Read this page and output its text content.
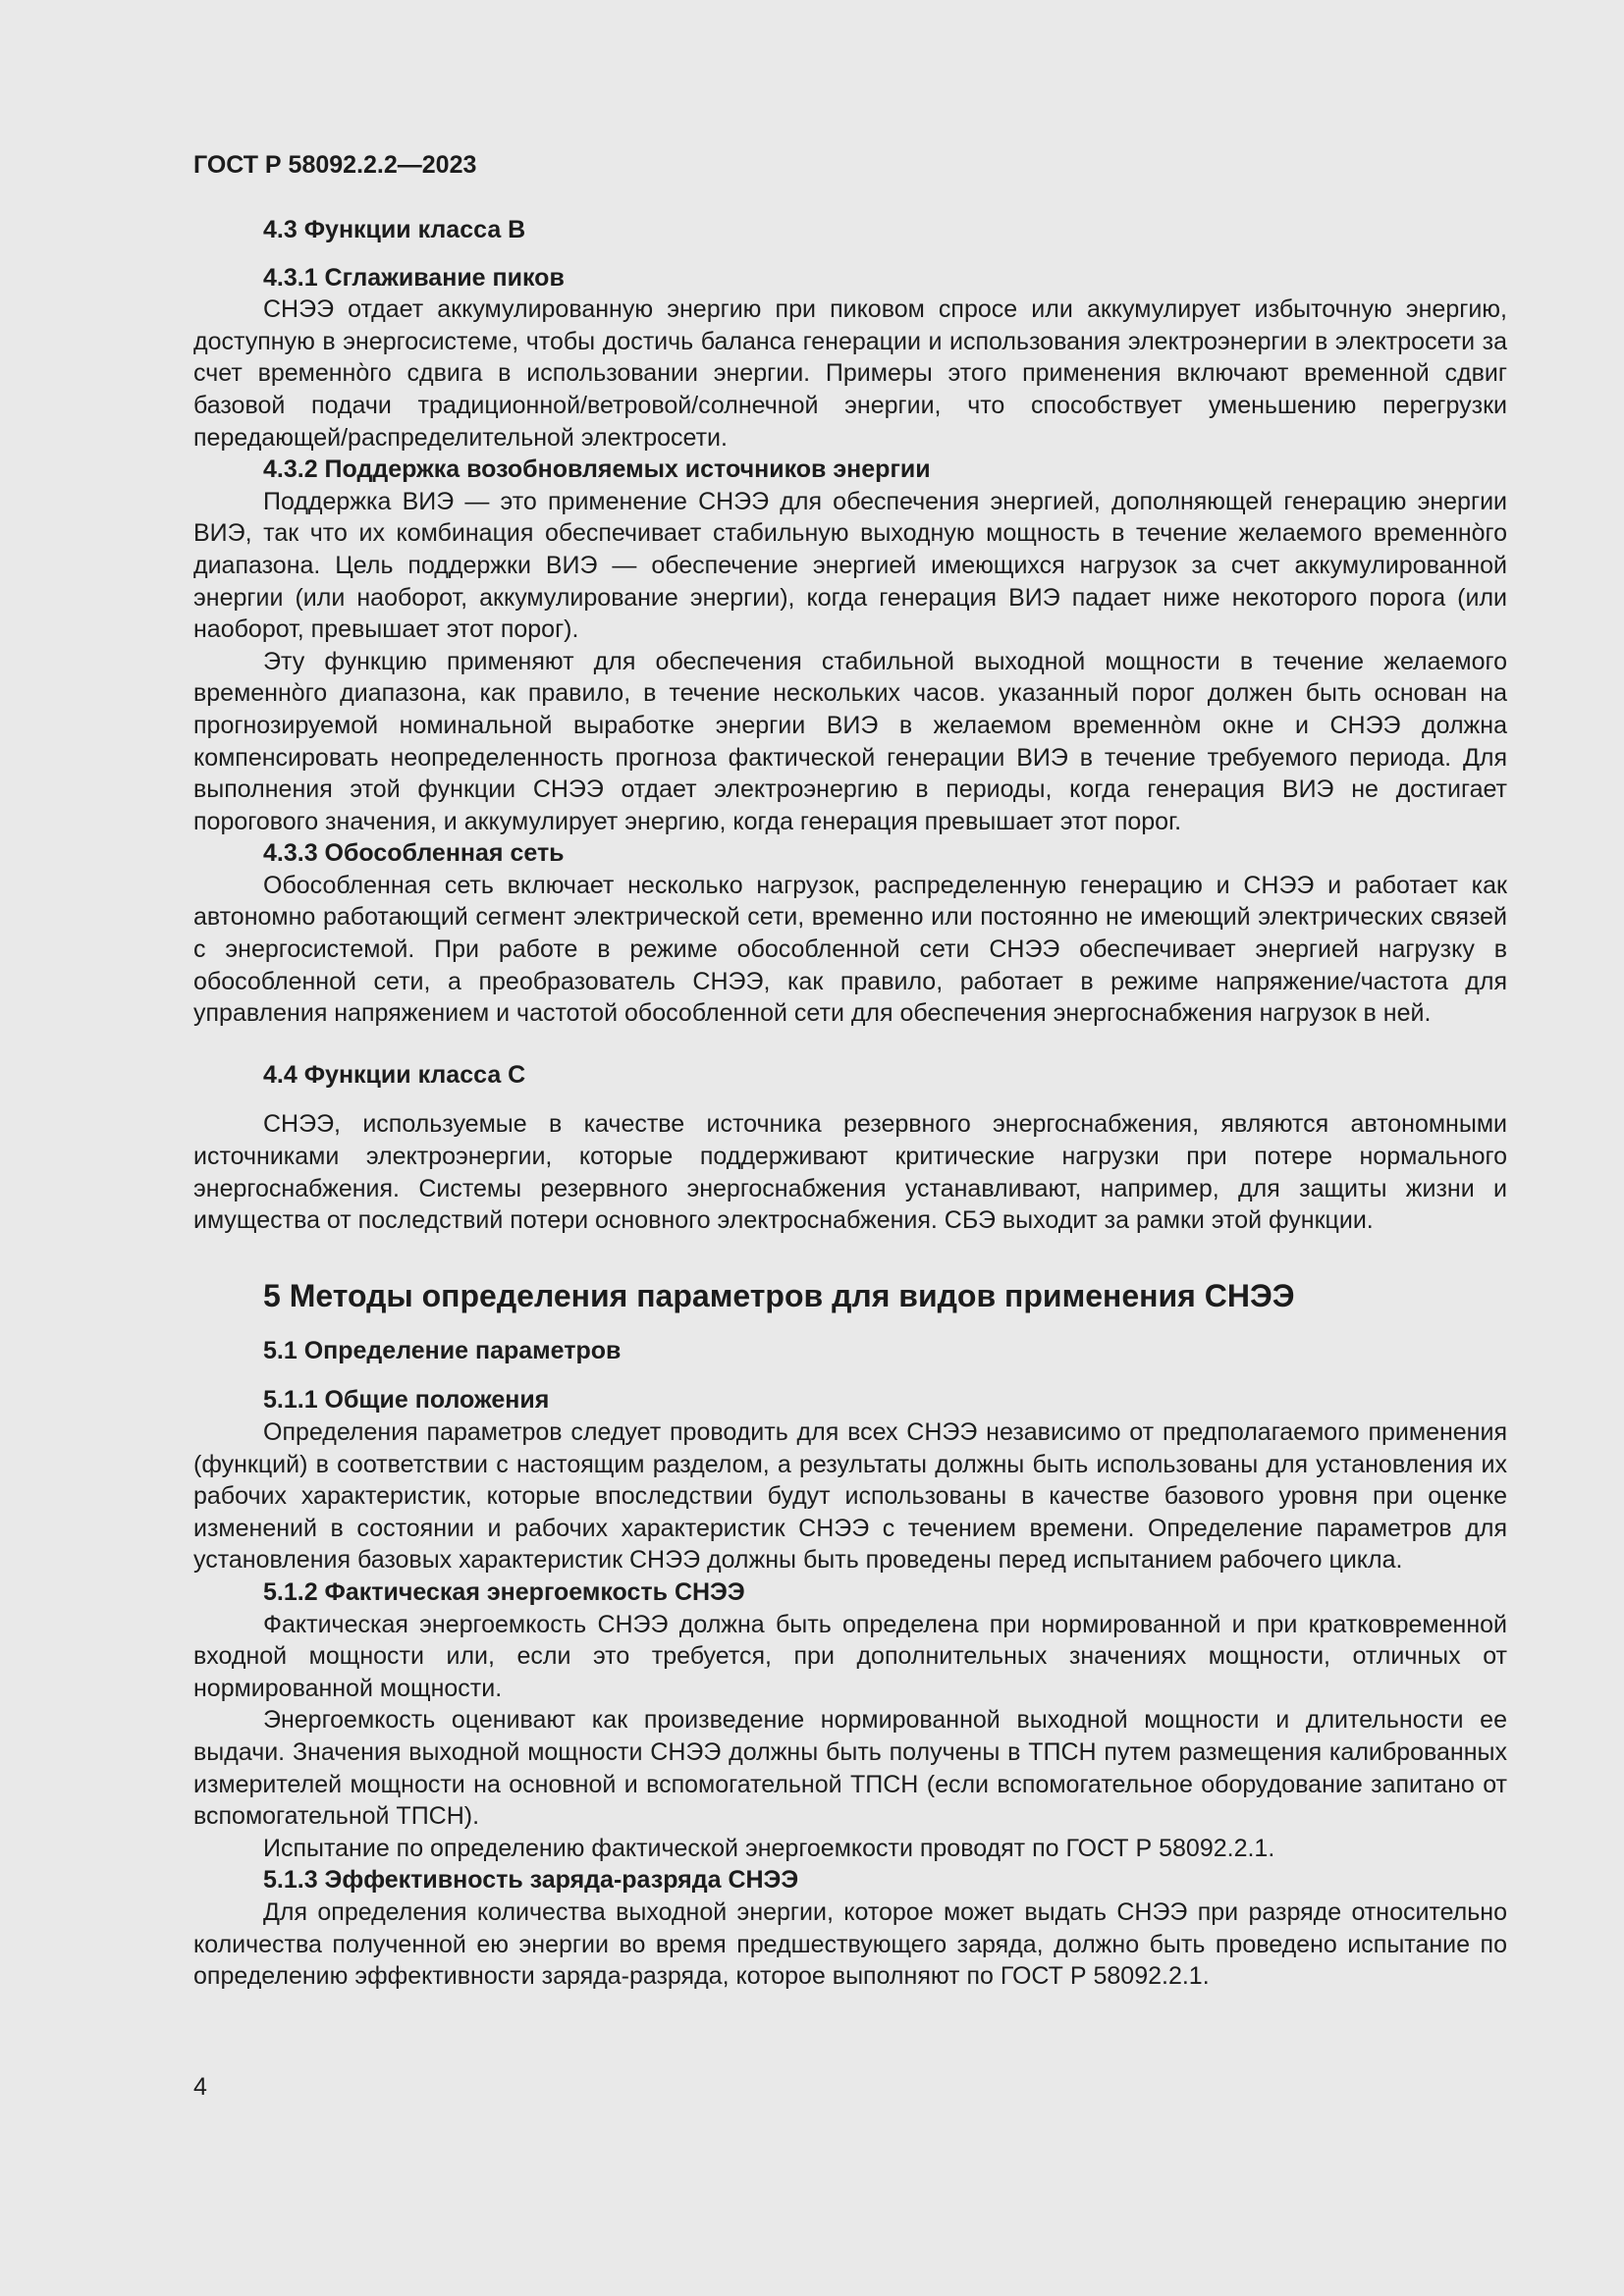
ГОСТ Р 58092.2.2—2023
4.3 Функции класса B
4.3.1 Сглаживание пиков

СНЭЭ отдает аккумулированную энергию при пиковом спросе или аккумулирует избыточную энергию, доступную в энергосистеме, чтобы достичь баланса генерации и использования электроэнергии в электросети за счет временно̀го сдвига в использовании энергии. Примеры этого применения включают временной сдвиг базовой подачи традиционной/ветровой/солнечной энергии, что способствует уменьшению перегрузки передающей/распределительной электросети.

4.3.2 Поддержка возобновляемых источников энергии

Поддержка ВИЭ — это применение СНЭЭ для обеспечения энергией, дополняющей генерацию энергии ВИЭ, так что их комбинация обеспечивает стабильную выходную мощность в течение желаемого временно̀го диапазона. Цель поддержки ВИЭ — обеспечение энергией имеющихся нагрузок за счет аккумулированной энергии (или наоборот, аккумулирование энергии), когда генерация ВИЭ падает ниже некоторого порога (или наоборот, превышает этот порог).

Эту функцию применяют для обеспечения стабильной выходной мощности в течение желаемого временно̀го диапазона, как правило, в течение нескольких часов. указанный порог должен быть основан на прогнозируемой номинальной выработке энергии ВИЭ в желаемом временно̀м окне и СНЭЭ должна компенсировать неопределенность прогноза фактической генерации ВИЭ в течение требуемого периода. Для выполнения этой функции СНЭЭ отдает электроэнергию в периоды, когда генерация ВИЭ не достигает порогового значения, и аккумулирует энергию, когда генерация превышает этот порог.

4.3.3 Обособленная сеть

Обособленная сеть включает несколько нагрузок, распределенную генерацию и СНЭЭ и работает как автономно работающий сегмент электрической сети, временно или постоянно не имеющий электрических связей с энергосистемой. При работе в режиме обособленной сети СНЭЭ обеспечивает энергией нагрузку в обособленной сети, а преобразователь СНЭЭ, как правило, работает в режиме напряжение/частота для управления напряжением и частотой обособленной сети для обеспечения энергоснабжения нагрузок в ней.

4.4 Функции класса C

СНЭЭ, используемые в качестве источника резервного энергоснабжения, являются автономными источниками электроэнергии, которые поддерживают критические нагрузки при потере нормального энергоснабжения. Системы резервного энергоснабжения устанавливают, например, для защиты жизни и имущества от последствий потери основного электроснабжения. СБЭ выходит за рамки этой функции.

5 Методы определения параметров для видов применения СНЭЭ
5.1 Определение параметров
5.1.1 Общие положения

Определения параметров следует проводить для всех СНЭЭ независимо от предполагаемого применения (функций) в соответствии с настоящим разделом, а результаты должны быть использованы для установления их рабочих характеристик, которые впоследствии будут использованы в качестве базового уровня при оценке изменений в состоянии и рабочих характеристик СНЭЭ с течением времени. Определение параметров для установления базовых характеристик СНЭЭ должны быть проведены перед испытанием рабочего цикла.

5.1.2 Фактическая энергоемкость СНЭЭ

Фактическая энергоемкость СНЭЭ должна быть определена при нормированной и при кратковременной входной мощности или, если это требуется, при дополнительных значениях мощности, отличных от нормированной мощности.

Энергоемкость оценивают как произведение нормированной выходной мощности и длительности ее выдачи. Значения выходной мощности СНЭЭ должны быть получены в ТПСН путем размещения калиброванных измерителей мощности на основной и вспомогательной ТПСН (если вспомогательное оборудование запитано от вспомогательной ТПСН).

Испытание по определению фактической энергоемкости проводят по ГОСТ Р 58092.2.1.

5.1.3 Эффективность заряда-разряда СНЭЭ

Для определения количества выходной энергии, которое может выдать СНЭЭ при разряде относительно количества полученной ею энергии во время предшествующего заряда, должно быть проведено испытание по определению эффективности заряда-разряда, которое выполняют по ГОСТ Р 58092.2.1.

4
